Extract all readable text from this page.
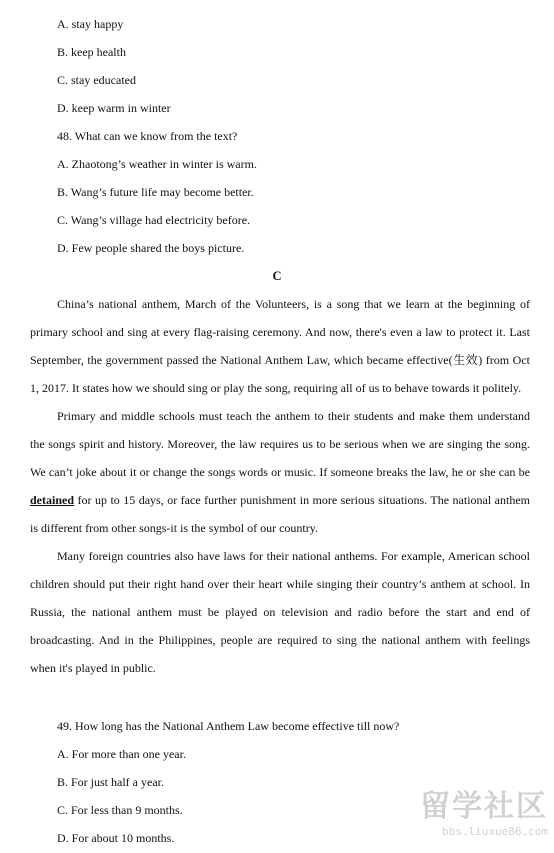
A. stay happy
B. keep health
C. stay educated
D. keep warm in winter
48. What can we know from the text?
A. Zhaotong’s weather in winter is warm.
B. Wang’s future life may become better.
C. Wang’s village had electricity before.
D. Few people shared the boys picture.
C

China’s national anthem, March of the Volunteers, is a song that we learn at the beginning of primary school and sing at every flag-raising ceremony. And now, there's even a law to protect it. Last September, the government passed the National Anthem Law, which became effective(生效) from Oct 1, 2017. It states how we should sing or play the song, requiring all of us to behave towards it politely.

Primary and middle schools must teach the anthem to their students and make them understand the songs spirit and history. Moreover, the law requires us to be serious when we are singing the song. We can’t joke about it or change the songs words or music. If someone breaks the law, he or she can be detained for up to 15 days, or face further punishment in more serious situations. The national anthem is different from other songs-it is the symbol of our country.

Many foreign countries also have laws for their national anthems. For example, American school children should put their right hand over their heart while singing their country’s anthem at school. In Russia, the national anthem must be played on television and radio before the start and end of broadcasting. And in the Philippines, people are required to sing the national anthem with feelings when it's played in public.

49. How long has the National Anthem Law become effective till now?
A. For more than one year.
B. For just half a year.
C. For less than 9 months.
D. For about 10 months.
留学社区
bbs.liuxue86.com
